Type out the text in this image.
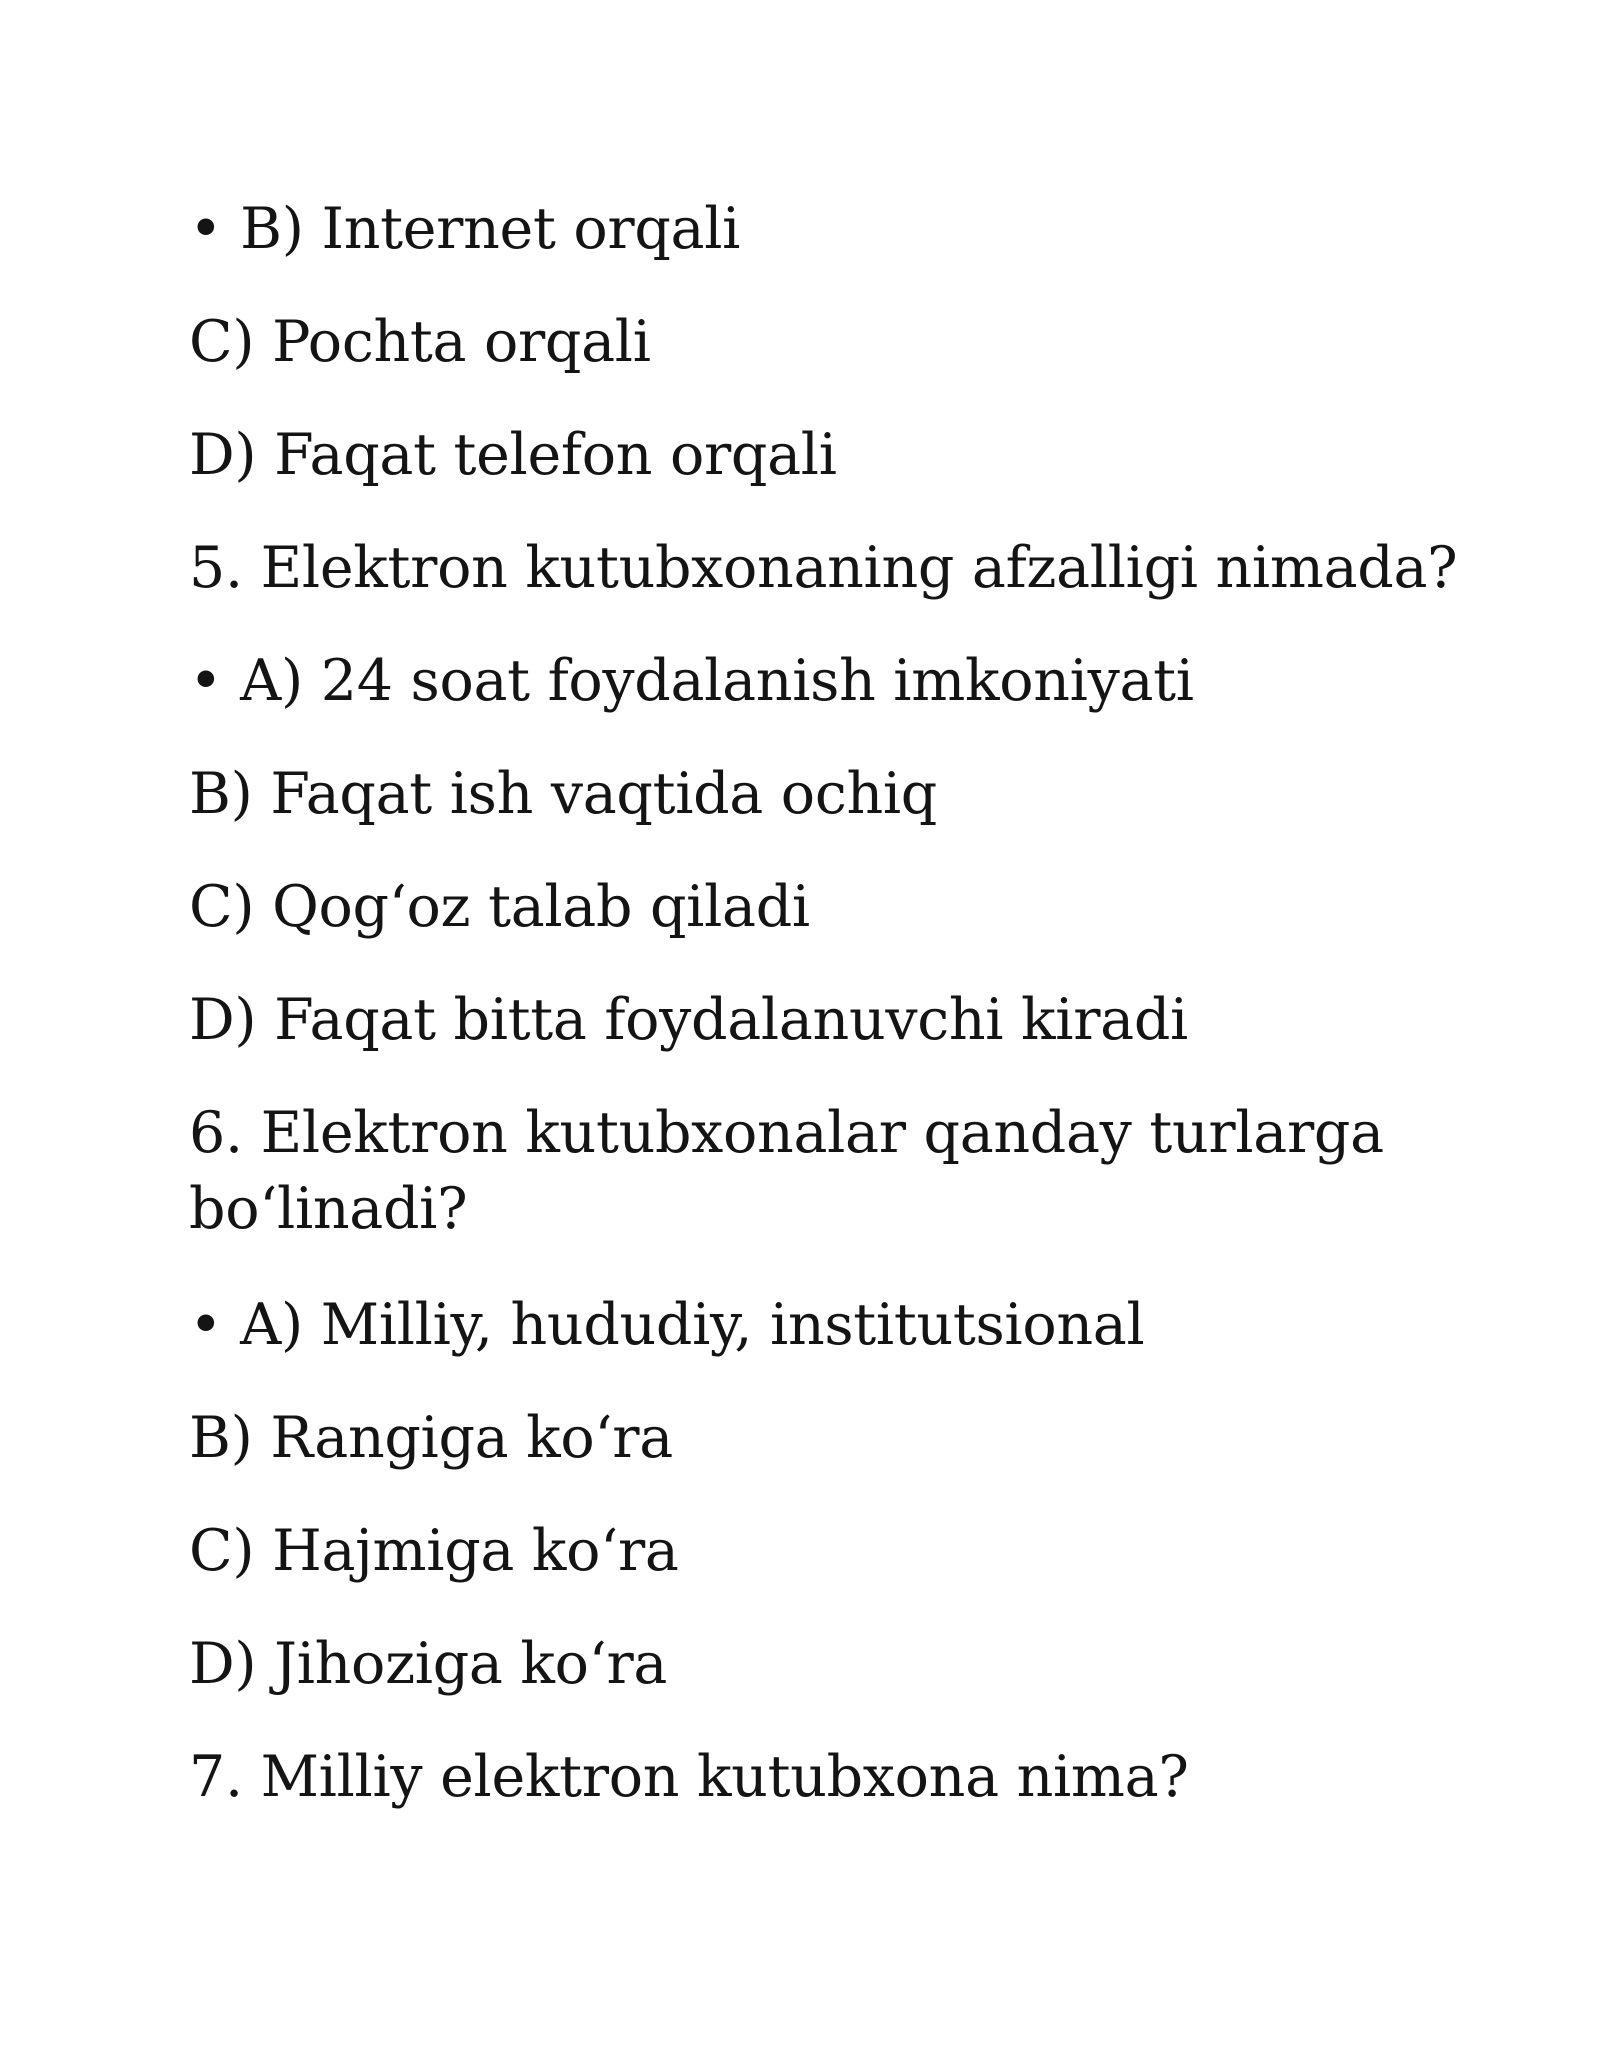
• B) Internet orqali

C) Pochta orqali

D) Faqat telefon orqali

5. Elektron kutubxonaning afzalligi nimada?

• A) 24 soat foydalanish imkoniyati

B) Faqat ish vaqtida ochiq

C) Qog‘oz talab qiladi

D) Faqat bitta foydalanuvchi kiradi

6. Elektron kutubxonalar qanday turlarga bo‘linadi?

• A) Milliy, hududiy, institutsional

B) Rangiga ko‘ra

C) Hajmiga ko‘ra

D) Jihoziga ko‘ra

7. Milliy elektron kutubxona nima?
